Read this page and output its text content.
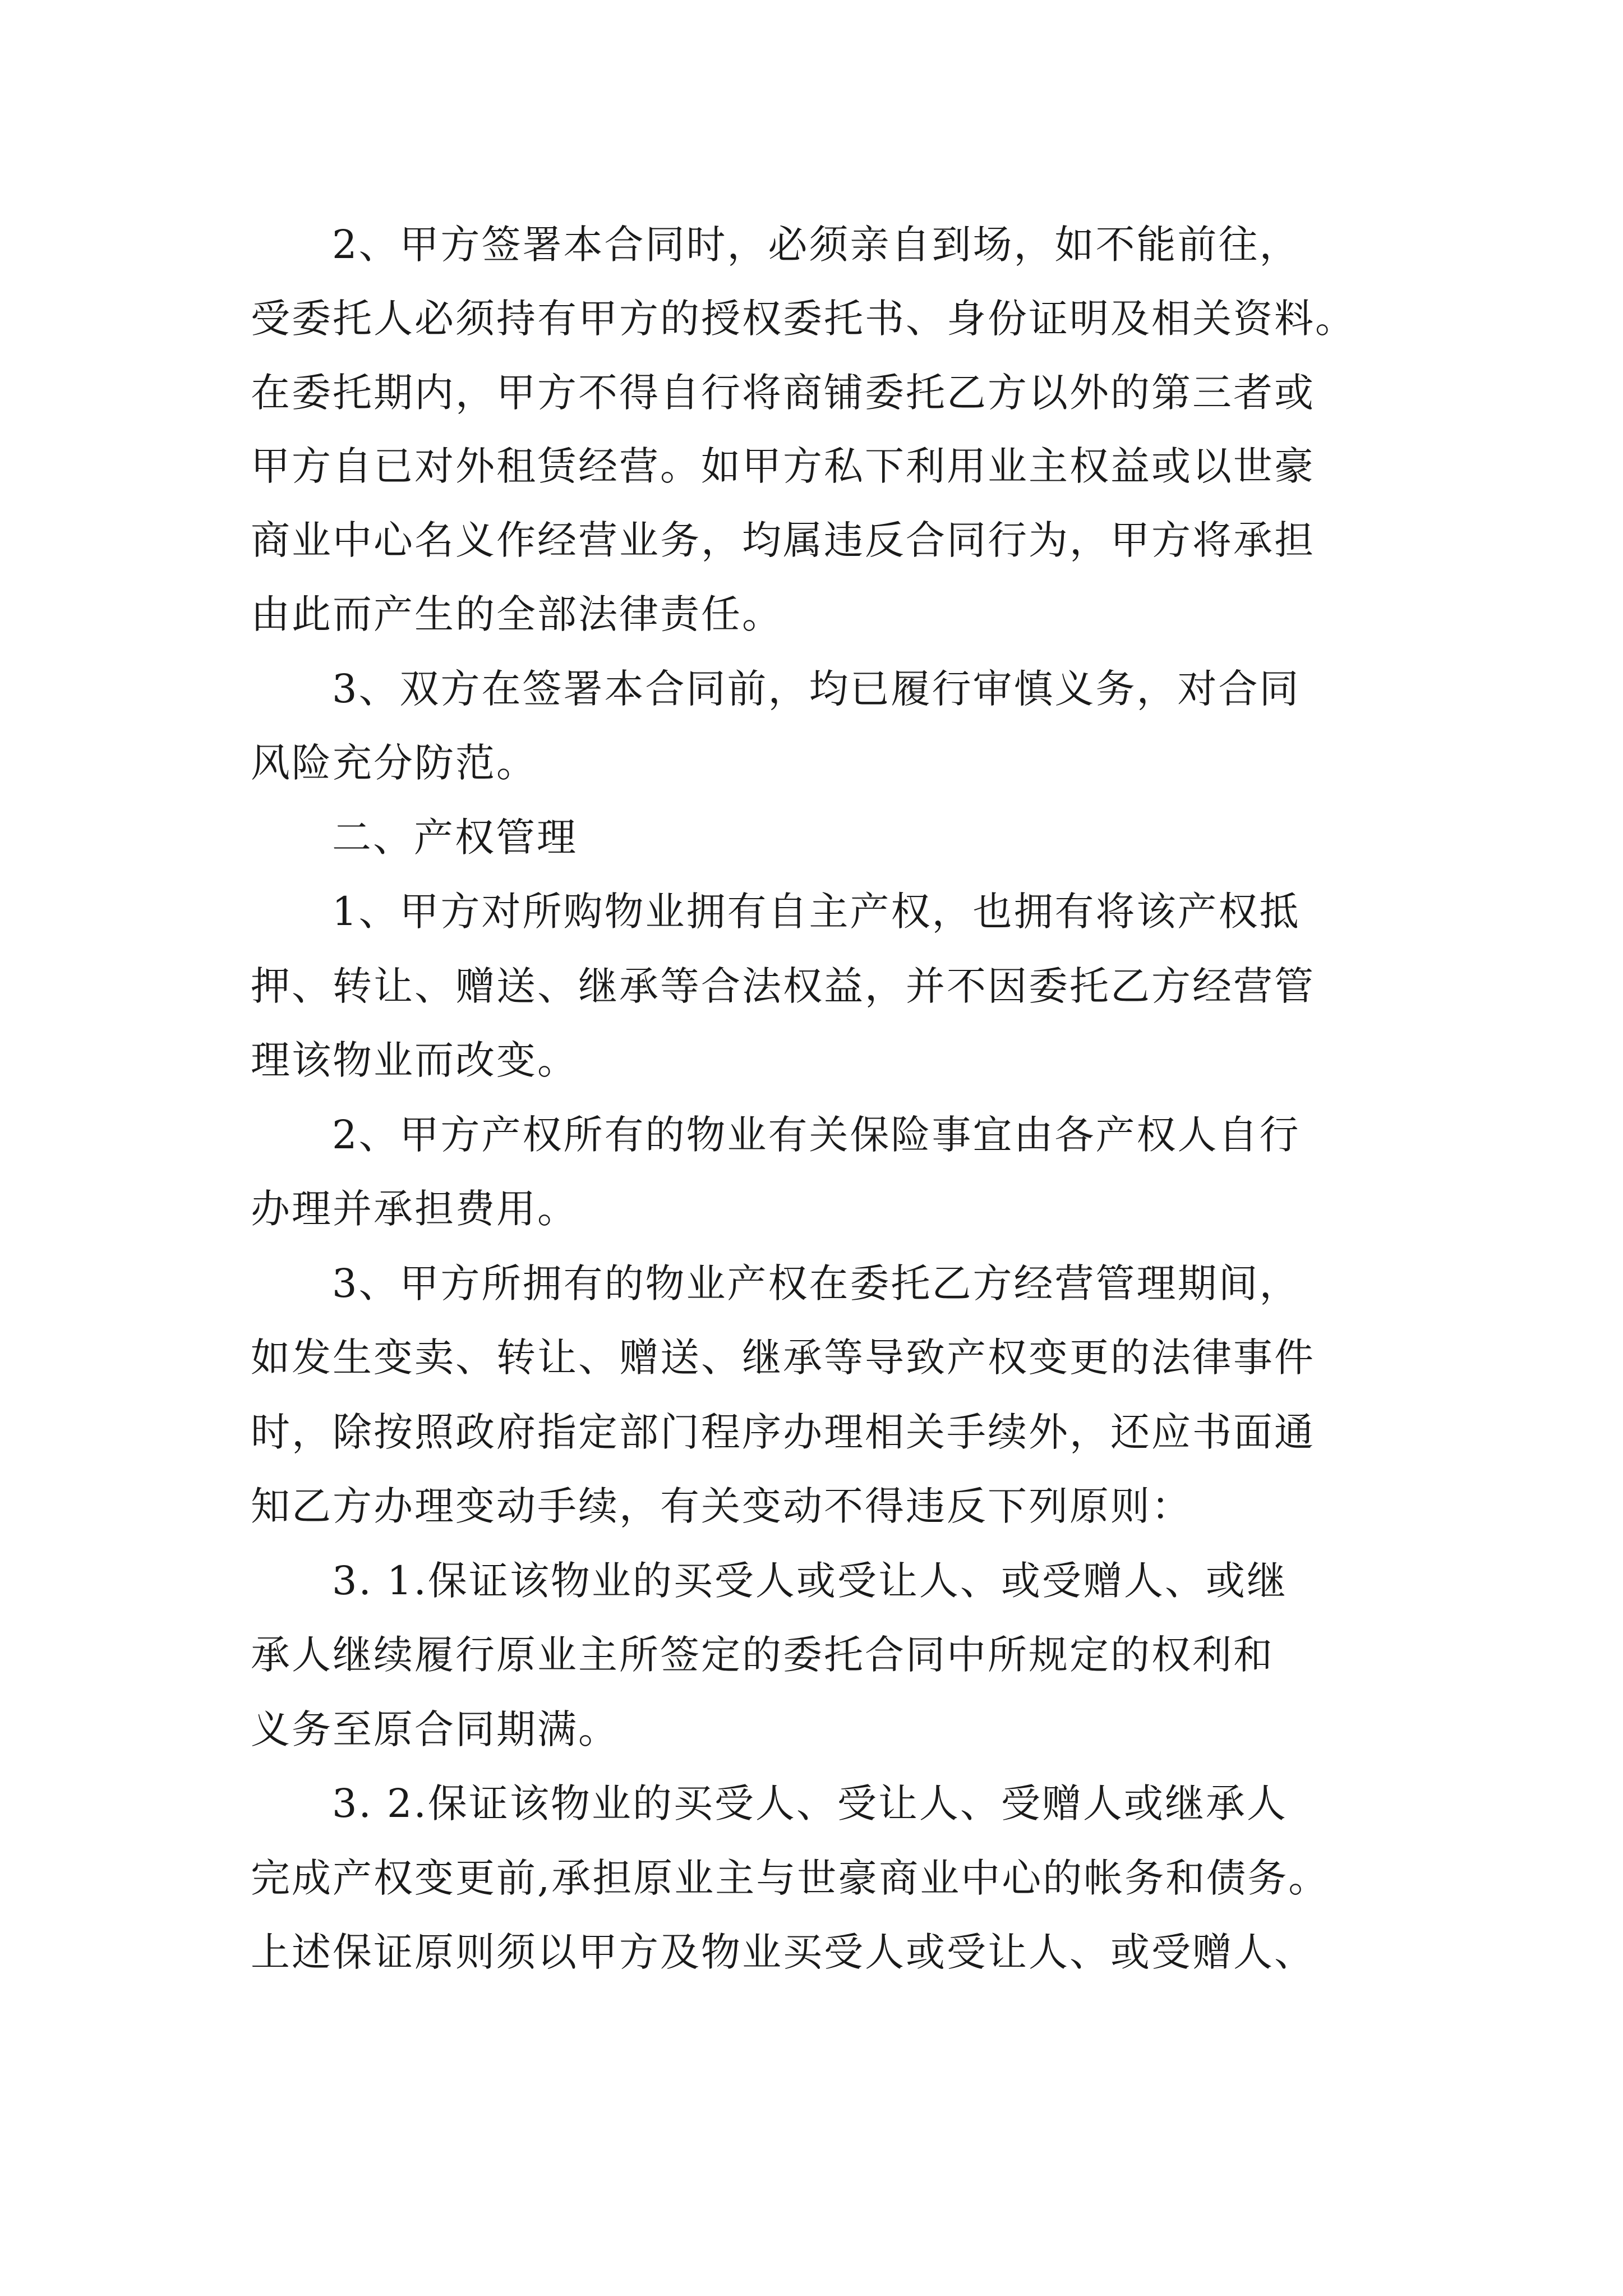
2、甲方签署本合同时，必须亲自到场，如不能前往，
受委托人必须持有甲方的授权委托书、身份证明及相关资料。
在委托期内，甲方不得自行将商铺委托乙方以外的第三者或
甲方自已对外租赁经营。如甲方私下利用业主权益或以世豪
商业中心名义作经营业务，均属违反合同行为，甲方将承担
由此而产生的全部法律责任。
3、双方在签署本合同前，均已履行审慎义务，对合同
风险充分防范。
二、产权管理
1、甲方对所购物业拥有自主产权，也拥有将该产权抵
押、转让、赠送、继承等合法权益，并不因委托乙方经营管
理该物业而改变。
2、甲方产权所有的物业有关保险事宜由各产权人自行
办理并承担费用。
3、甲方所拥有的物业产权在委托乙方经营管理期间，
如发生变卖、转让、赠送、继承等导致产权变更的法律事件
时，除按照政府指定部门程序办理相关手续外，还应书面通
知乙方办理变动手续，有关变动不得违反下列原则：
3. 1.保证该物业的买受人或受让人、或受赠人、或继
承人继续履行原业主所签定的委托合同中所规定的权利和
义务至原合同期满。
3. 2.保证该物业的买受人、受让人、受赠人或继承人
完成产权变更前,承担原业主与世豪商业中心的帐务和债务。
上述保证原则须以甲方及物业买受人或受让人、或受赠人、
